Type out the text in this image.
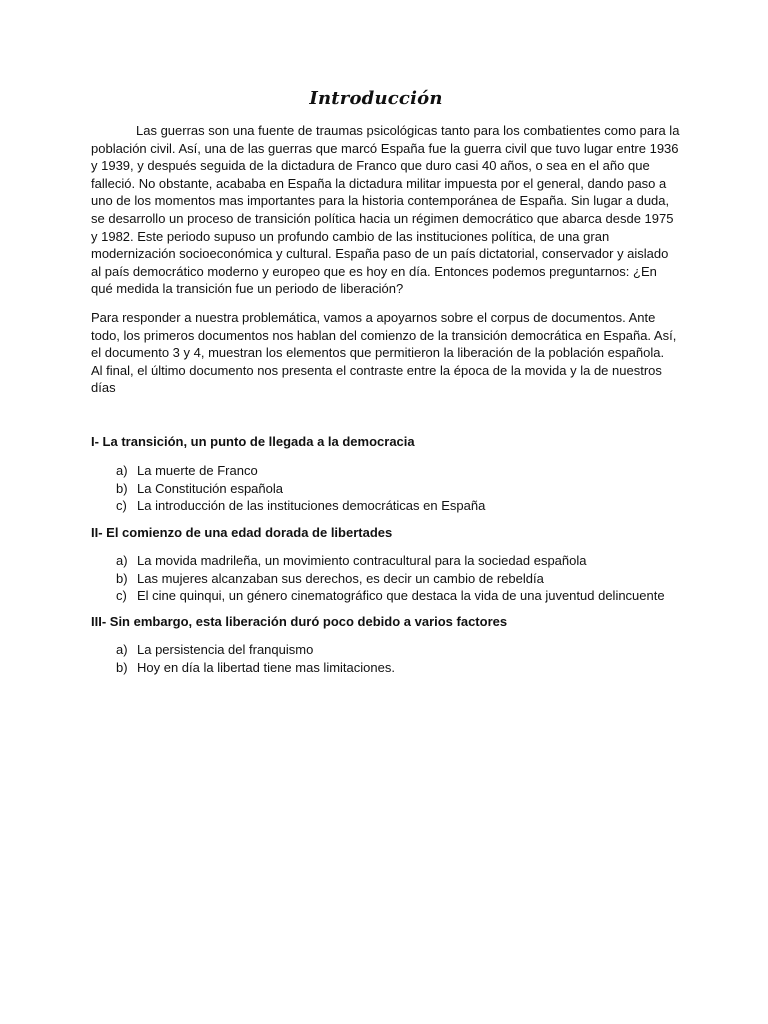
Introducción
Las guerras son una fuente de traumas psicológicas tanto para los combatientes como para la
población civil. Así, una de las guerras que marcó España fue la guerra civil que tuvo lugar entre 1936
y 1939, y después seguida de la dictadura de Franco que duro casi 40 años, o sea en el año que
falleció. No obstante, acababa en España la dictadura militar impuesta por el general, dando paso a
uno de los momentos mas importantes para la historia contemporánea de España. Sin lugar a duda,
se desarrollo un proceso de transición política hacia un régimen democrático que abarca desde 1975
y 1982. Este periodo supuso un profundo cambio de las instituciones política, de una gran
modernización socioeconómica y cultural. España paso de un país dictatorial, conservador y aislado
al país democrático moderno y europeo que es hoy en día. Entonces podemos preguntarnos: ¿En
qué medida la transición fue un periodo de liberación?
Para responder a nuestra problemática, vamos a apoyarnos sobre el corpus de documentos. Ante
todo, los primeros documentos nos hablan del comienzo de la transición democrática en España. Así,
el documento 3 y 4, muestran los elementos que permitieron la liberación de la población española.
Al final, el último documento nos presenta el contraste entre la época de la movida y la de nuestros
días
I- La transición, un punto de llegada a la democracia
a) La muerte de Franco
b) La Constitución española
c) La introducción de las instituciones democráticas en España
II- El comienzo de una edad dorada de libertades
a) La movida madrileña, un movimiento contracultural para la sociedad española
b) Las mujeres alcanzaban sus derechos, es decir un cambio de rebeldía
c) El cine quinqui, un género cinematográfico que destaca la vida de una juventud delincuente
III- Sin embargo, esta liberación duró poco debido a varios factores
a) La persistencia del franquismo
b) Hoy en día la libertad tiene mas limitaciones.
